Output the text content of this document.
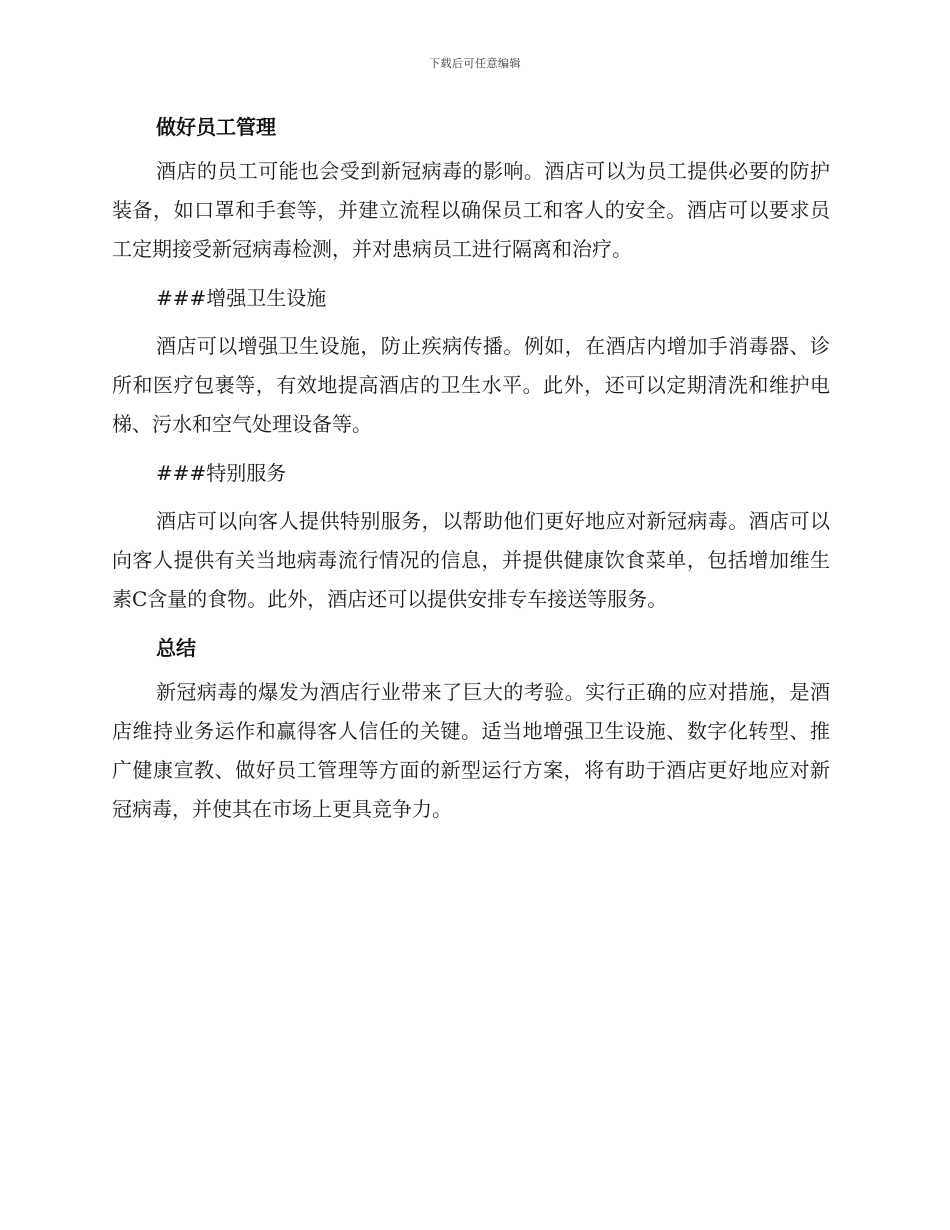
下载后可任意编辑
做好员工管理

酒店的员工可能也会受到新冠病毒的影响。酒店可以为员工提供必要的防护装备，如口罩和手套等，并建立流程以确保员工和客人的安全。酒店可以要求员工定期接受新冠病毒检测，并对患病员工进行隔离和治疗。

###增强卫生设施

酒店可以增强卫生设施，防止疾病传播。例如，在酒店内增加手消毒器、诊所和医疗包裹等，有效地提高酒店的卫生水平。此外，还可以定期清洗和维护电梯、污水和空气处理设备等。

###特别服务

酒店可以向客人提供特别服务，以帮助他们更好地应对新冠病毒。酒店可以向客人提供有关当地病毒流行情况的信息，并提供健康饮食菜单，包括增加维生素C含量的食物。此外，酒店还可以提供安排专车接送等服务。

总结

新冠病毒的爆发为酒店行业带来了巨大的考验。实行正确的应对措施，是酒店维持业务运作和赢得客人信任的关键。适当地增强卫生设施、数字化转型、推广健康宣教、做好员工管理等方面的新型运行方案，将有助于酒店更好地应对新冠病毒，并使其在市场上更具竞争力。
